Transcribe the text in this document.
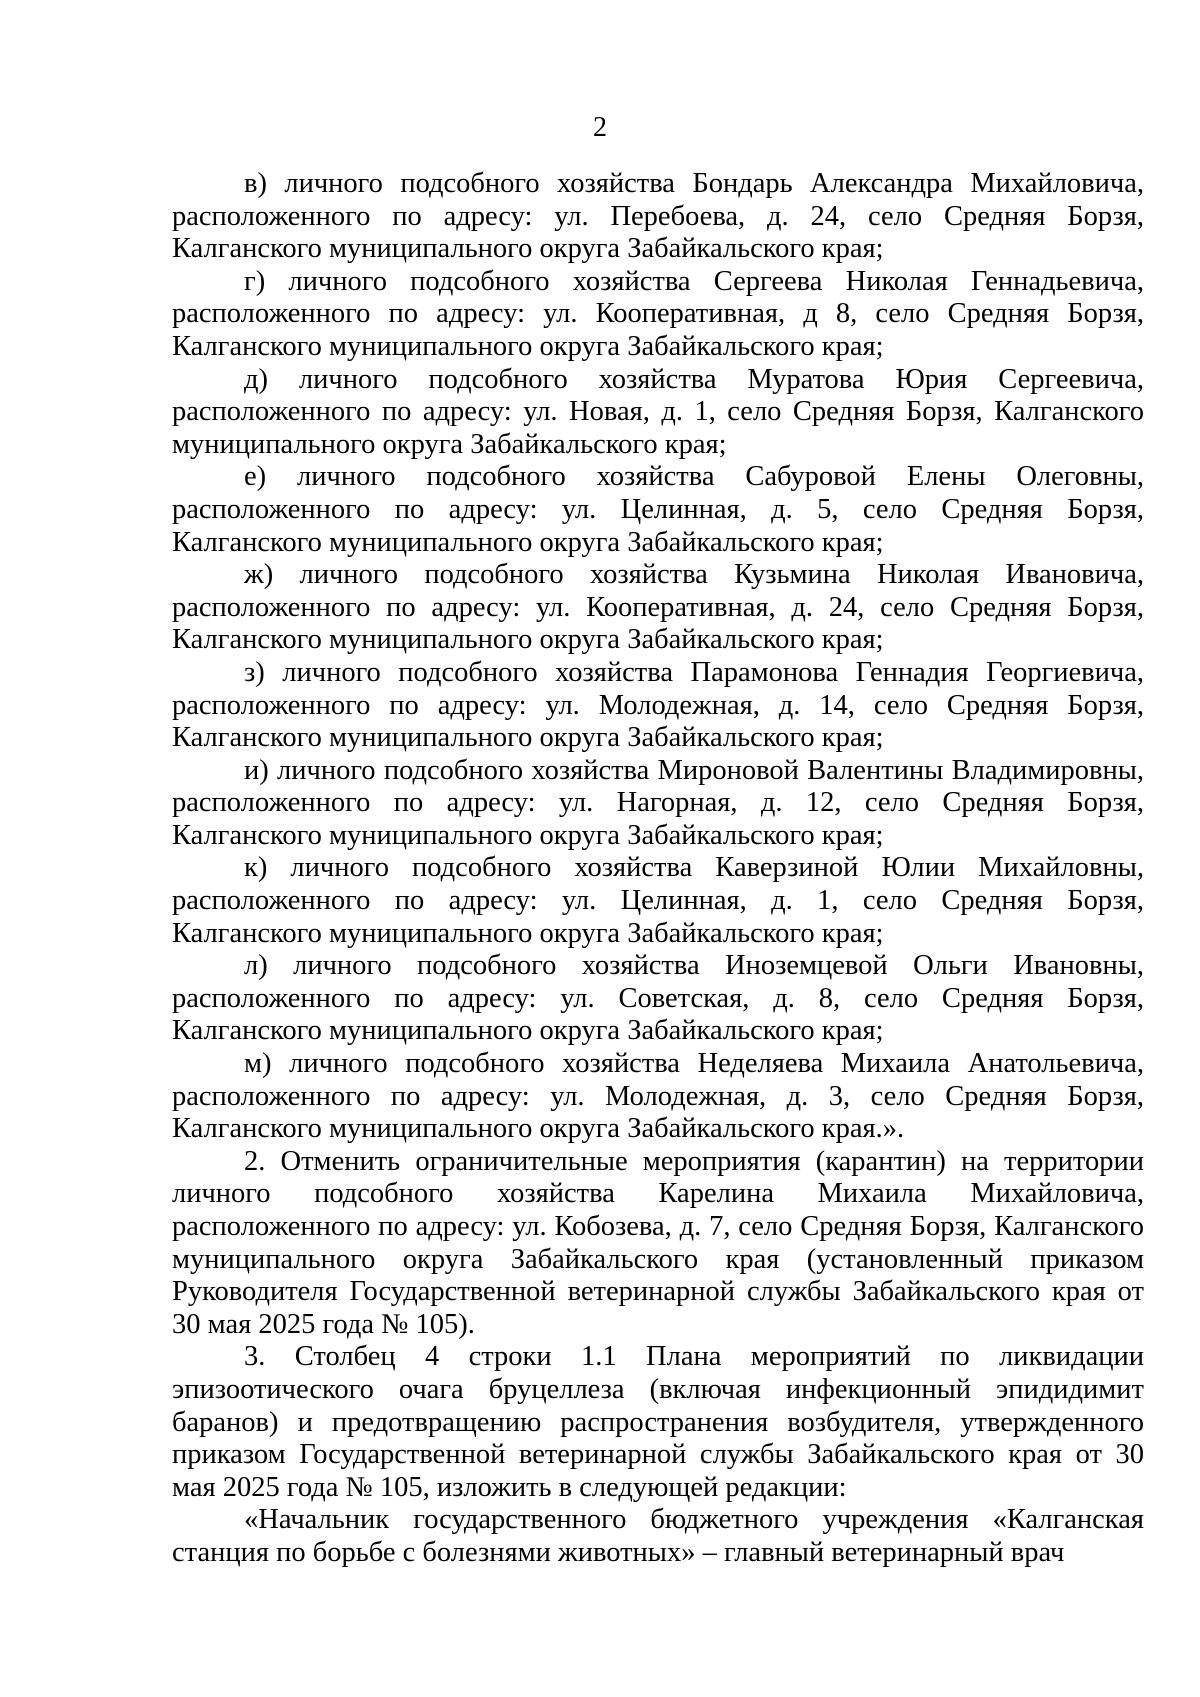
2

в) личного подсобного хозяйства Бондарь Александра Михайловича, расположенного по адресу: ул. Перебоева, д. 24, село Средняя Борзя, Калганского муниципального округа Забайкальского края;

г) личного подсобного хозяйства Сергеева Николая Геннадьевича, расположенного по адресу: ул. Кооперативная, д 8, село Средняя Борзя, Калганского муниципального округа Забайкальского края;

д) личного подсобного хозяйства Муратова Юрия Сергеевича, расположенного по адресу: ул. Новая, д. 1, село Средняя Борзя, Калганского муниципального округа Забайкальского края;

е) личного подсобного хозяйства Сабуровой Елены Олеговны, расположенного по адресу: ул. Целинная, д. 5, село Средняя Борзя, Калганского муниципального округа Забайкальского края;

ж) личного подсобного хозяйства Кузьмина Николая Ивановича, расположенного по адресу: ул. Кооперативная, д. 24, село Средняя Борзя, Калганского муниципального округа Забайкальского края;

з) личного подсобного хозяйства Парамонова Геннадия Георгиевича, расположенного по адресу: ул. Молодежная, д. 14, село Средняя Борзя, Калганского муниципального округа Забайкальского края;

и) личного подсобного хозяйства Мироновой Валентины Владимировны, расположенного по адресу: ул. Нагорная, д. 12, село Средняя Борзя, Калганского муниципального округа Забайкальского края;

к) личного подсобного хозяйства Каверзиной Юлии Михайловны, расположенного по адресу: ул. Целинная, д. 1, село Средняя Борзя, Калганского муниципального округа Забайкальского края;

л) личного подсобного хозяйства Иноземцевой Ольги Ивановны, расположенного по адресу: ул. Советская, д. 8, село Средняя Борзя, Калганского муниципального округа Забайкальского края;

м) личного подсобного хозяйства Неделяева Михаила Анатольевича, расположенного по адресу: ул. Молодежная, д. 3, село Средняя Борзя, Калганского муниципального округа Забайкальского края.».

2. Отменить ограничительные мероприятия (карантин) на территории личного подсобного хозяйства Карелина Михаила Михайловича, расположенного по адресу: ул. Кобозева, д. 7, село Средняя Борзя, Калганского муниципального округа Забайкальского края (установленный приказом Руководителя Государственной ветеринарной службы Забайкальского края от 30 мая 2025 года № 105).

3. Столбец 4 строки 1.1 Плана мероприятий по ликвидации эпизоотического очага бруцеллеза (включая инфекционный эпидидимит баранов) и предотвращению распространения возбудителя, утвержденного приказом Государственной ветеринарной службы Забайкальского края от 30 мая 2025 года № 105, изложить в следующей редакции:

«Начальник государственного бюджетного учреждения «Калганская станция по борьбе с болезнями животных» – главный ветеринарный врач
